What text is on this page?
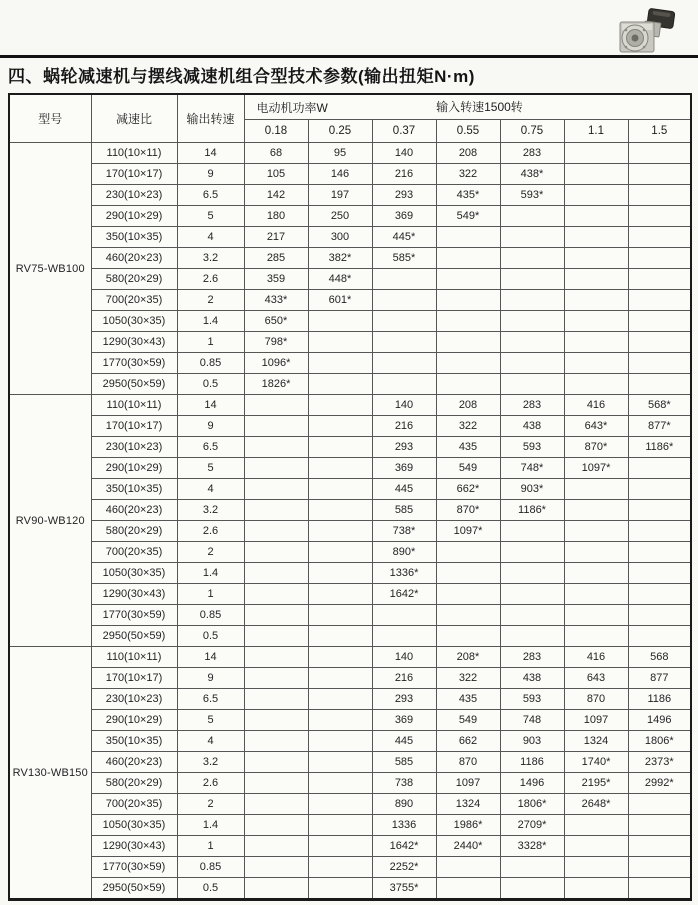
四、蜗轮减速机与摆线减速机组合型技术参数(输出扭矩N·m)
型号	减速比	输出转速	电动机功率W 输入转速1500转						

			0.18	0.25	0.37	0.55	0.75	1.1	1.5
RV75-WB100	110(10×11)	14	68	95	140	208	283		
	170(10×17)	9	105	146	216	322	438*		
	230(10×23)	6.5	142	197	293	435*	593*		
	290(10×29)	5	180	250	369	549*			
	350(10×35)	4	217	300	445*				
	460(20×23)	3.2	285	382*	585*				
	580(20×29)	2.6	359	448*					
	700(20×35)	2	433*	601*					
	1050(30×35)	1.4	650*						
	1290(30×43)	1	798*						
	1770(30×59)	0.85	1096*						
	2950(50×59)	0.5	1826*						
RV90-WB120	110(10×11)	14			140	208	283	416	568*
	170(10×17)	9			216	322	438	643*	877*
	230(10×23)	6.5			293	435	593	870*	1186*
	290(10×29)	5			369	549	748*	1097*	
	350(10×35)	4			445	662*	903*		
	460(20×23)	3.2			585	870*	1186*		
	580(20×29)	2.6			738*	1097*			
	700(20×35)	2			890*				
	1050(30×35)	1.4			1336*				
	1290(30×43)	1			1642*				
	1770(30×59)	0.85							
	2950(50×59)	0.5							
RV130-WB150	110(10×11)	14			140	208*	283	416	568
	170(10×17)	9			216	322	438	643	877
	230(10×23)	6.5			293	435	593	870	1186
	290(10×29)	5			369	549	748	1097	1496
	350(10×35)	4			445	662	903	1324	1806*
	460(20×23)	3.2			585	870	1186	1740*	2373*
	580(20×29)	2.6			738	1097	1496	2195*	2992*
	700(20×35)	2			890	1324	1806*	2648*	
	1050(30×35)	1.4			1336	1986*	2709*		
	1290(30×43)	1			1642*	2440*	3328*		
	1770(30×59)	0.85			2252*				
	2950(50×59)	0.5			3755*				
